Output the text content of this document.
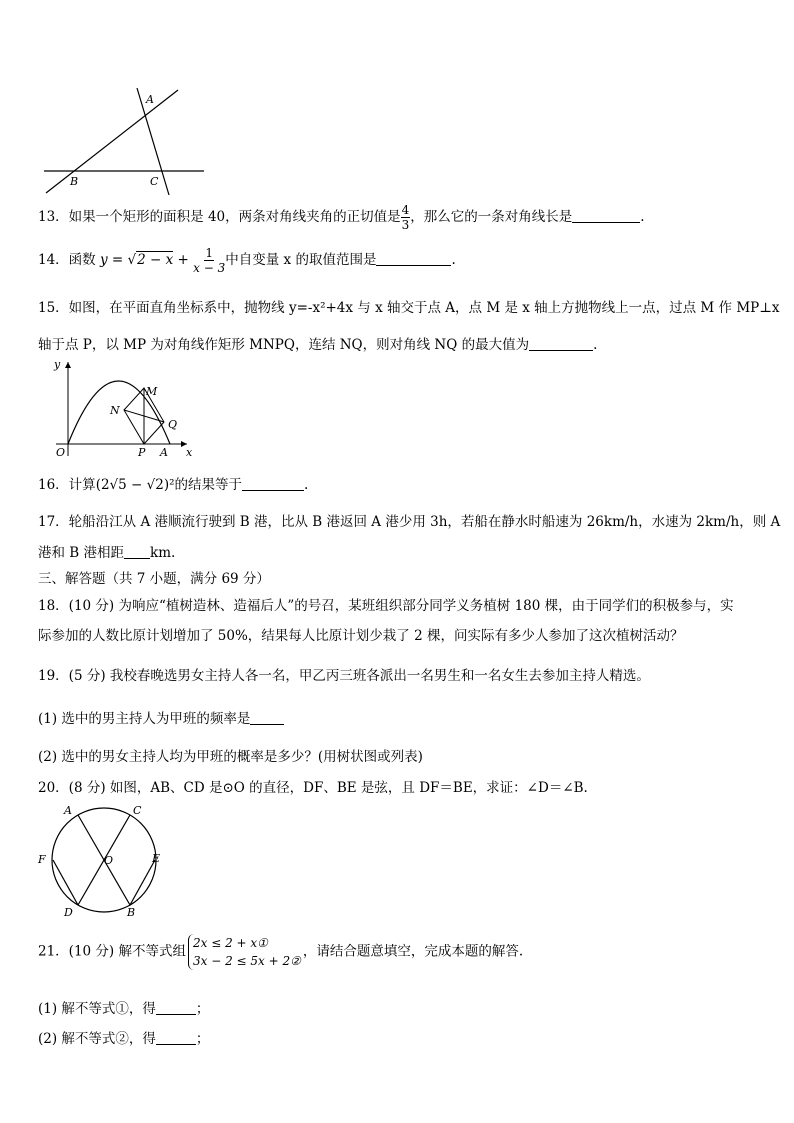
A
B	C
13．如果一个矩形的面积是 40，两条对角线夹角的正切值是 $\frac{4}{3}$ ，那么它的一条对角线长是	.
14．函数 $y = √2 - x + \frac{1}{x - 3}$ 中自变量 x 的取值范围是	.
15．如图，在平面直角坐标系中，抛物线 y=-x²+4x 与 x 轴交于点 A，点 M 是 x 轴上方抛物线上一点，过点 M 作 MP⊥x
轴于点 P，以 MP 为对角线作矩形 MNPQ，连结 NQ，则对角线 NQ 的最大值为	.
y
x
O
M
N
Q
P A
16．计算(2√5 − √2)²的结果等于	.
17．轮船沿江从 A 港顺流行驶到 B 港，比从 B 港返回 A 港少用 3h，若船在静水时船速为 26km/h，水速为 2km/h，则 A
港和 B 港相距 km.
三、解答题（共 7 小题，满分 69 分）
18．(10 分) 为响应“植树造林、造福后人”的号召，某班组织部分同学义务植树 180 棵，由于同学们的积极参与，实
际参加的人数比原计划增加了 50%，结果每人比原计划少栽了 2 棵，问实际有多少人参加了这次植树活动？
19．(5 分) 我校春晚选男女主持人各一名，甲乙丙三班各派出一名男生和一名女生去参加主持人精选。
(1) 选中的男主持人为甲班的频率是
(2) 选中的男女主持人均为甲班的概率是多少？(用树状图或列表)
20．(8 分) 如图，AB、CD 是⊙O 的直径，DF、BE 是弦，且 DF＝BE，求证：∠D＝∠B.
A	C
F	O	E
D	B
21．(10 分) 解不等式组
2x ≤ 2 + x①
3x − 2 ≤ 5x + 2②
，请结合题意填空，完成本题的解答.
(1) 解不等式①，得	；
(2) 解不等式②，得	；
